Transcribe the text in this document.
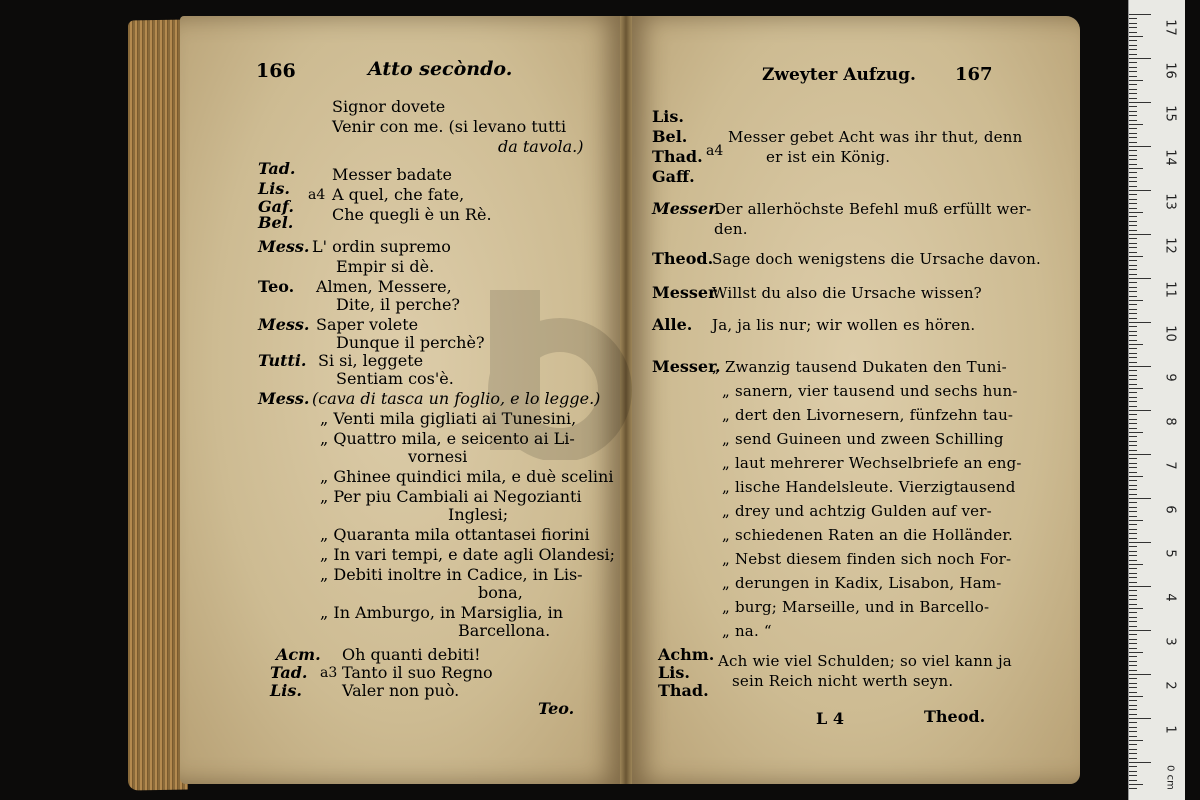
166	Atto secòndo.
Signor dovete
Venir con me. (si levano tutti
da tavola.)
Tad.
Lis.
Gaf.
Bel.
a4
Messer badate
A quel, che fate,
Che quegli è un Rè.
Mess. L' ordin supremo
Empir si dè.
Teo. Almen, Messere,
Dite, il perche?
Mess. Saper volete
Dunque il perchè?
Tutti. Si si, leggete
Sentiam cos'è.
Mess. (cava di tasca un foglio, e lo legge.)
„ Venti mila gigliati ai Tunesini,
„ Quattro mila, e seicento ai Li-
vornesi
„ Ghinee quindici mila, e duè scelini
„ Per piu Cambiali ai Negozianti
Inglesi;
„ Quaranta mila ottantasei fiorini
„ In vari tempi, e date agli Olandesi;
„ Debiti inoltre in Cadice, in Lis-
bona,
„ In Amburgo, in Marsiglia, in
Barcellona.
Acm.
Tad.
Lis.
a3
Oh quanti debiti!
Tanto il suo Regno
Valer non può.
Teo.
Zweyter Aufzug. 167
Lis.
Bel.
Thad.
Gaff.
a4
Messer gebet Acht was ihr thut, denn
er ist ein König.
Messer.
Der allerhöchste Befehl muß erfüllt wer-
den.
Theod.
Sage doch wenigstens die Ursache davon.
Messer
Willst du also die Ursache wissen?
Alle. Ja, ja lis nur; wir wollen es hören.
Messer.
„ Zwanzig tausend Dukaten den Tuni-
„ sanern, vier tausend und sechs hun-
„ dert den Livornesern, fünfzehn tau-
„ send Guineen und zween Schilling
„ laut mehrerer Wechselbriefe an eng-
„ lische Handelsleute. Vierzigtausend
„ drey und achtzig Gulden auf ver-
„ schiedenen Raten an die Holländer.
„ Nebst diesem finden sich noch For-
„ derungen in Kadix, Lisabon, Ham-
„ burg; Marseille, und in Barcello-
„ na. “
Achm.
Lis.
Thad.
Ach wie viel Schulden; so viel kann ja
sein Reich nicht werth seyn.
L 4	Theod.
17
16
15
14
13
12
11
10
9
8
7
6
5
4
3
2
1
0 cm
